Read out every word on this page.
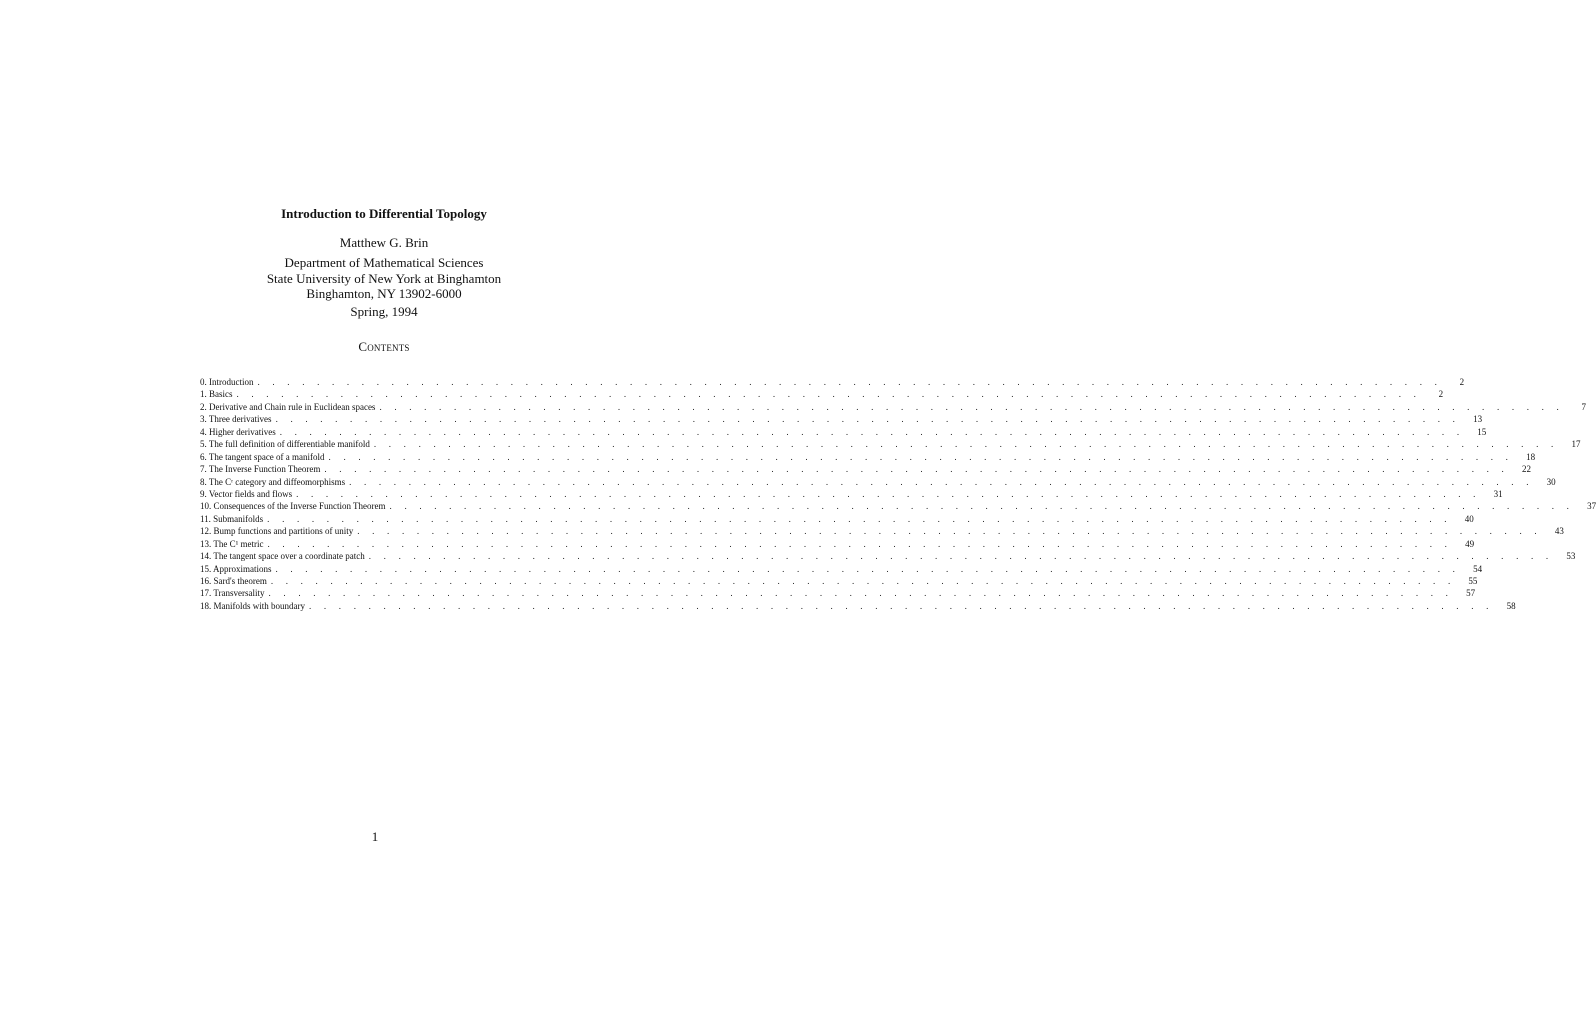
Introduction to Differential Topology
Matthew G. Brin
Department of Mathematical Sciences
State University of New York at Binghamton
Binghamton, NY 13902-6000
Spring, 1994
Contents
0. Introduction . . . . . . . . . . . . . . . . . . . . . . . . . . . . . . . . . . . . . . . . . . . . . . . . . . . . . . . . . . . . . . . . . . . . . . . . . . . . . . . .	2
1. Basics . . . . . . . . . . . . . . . . . . . . . . . . . . . . . . . . . . . . . . . . . . . . . . . . . . . . . . . . . . . . . . . . . . . . . . . . . . . . . . . .	2
2. Derivative and Chain rule in Euclidean spaces . . . . . . . . . . . . . . . . . . . . . . . . . . . . . . . . . . . . . . . . . . . . . . . . . . . . . . . . . . . . . . . . . . . . . . . . . . . . . . . .	7
3. Three derivatives . . . . . . . . . . . . . . . . . . . . . . . . . . . . . . . . . . . . . . . . . . . . . . . . . . . . . . . . . . . . . . . . . . . . . . . . . . . . . . . .	13
4. Higher derivatives . . . . . . . . . . . . . . . . . . . . . . . . . . . . . . . . . . . . . . . . . . . . . . . . . . . . . . . . . . . . . . . . . . . . . . . . . . . . . . . .	15
5. The full definition of differentiable manifold . . . . . . . . . . . . . . . . . . . . . . . . . . . . . . . . . . . . . . . . . . . . . . . . . . . . . . . . . . . . . . . . . . . . . . . . . . . . . . . .	17
6. The tangent space of a manifold . . . . . . . . . . . . . . . . . . . . . . . . . . . . . . . . . . . . . . . . . . . . . . . . . . . . . . . . . . . . . . . . . . . . . . . . . . . . . . . .	18
7. The Inverse Function Theorem . . . . . . . . . . . . . . . . . . . . . . . . . . . . . . . . . . . . . . . . . . . . . . . . . . . . . . . . . . . . . . . . . . . . . . . . . . . . . . . .	22
8. The Cʳ category and diffeomorphisms . . . . . . . . . . . . . . . . . . . . . . . . . . . . . . . . . . . . . . . . . . . . . . . . . . . . . . . . . . . . . . . . . . . . . . . . . . . . . . . .	30
9. Vector fields and flows . . . . . . . . . . . . . . . . . . . . . . . . . . . . . . . . . . . . . . . . . . . . . . . . . . . . . . . . . . . . . . . . . . . . . . . . . . . . . . . .	31
10. Consequences of the Inverse Function Theorem . . . . . . . . . . . . . . . . . . . . . . . . . . . . . . . . . . . . . . . . . . . . . . . . . . . . . . . . . . . . . . . . . . . . . . . . . . . . . . . .	37
11. Submanifolds . . . . . . . . . . . . . . . . . . . . . . . . . . . . . . . . . . . . . . . . . . . . . . . . . . . . . . . . . . . . . . . . . . . . . . . . . . . . . . . .	40
12. Bump functions and partitions of unity . . . . . . . . . . . . . . . . . . . . . . . . . . . . . . . . . . . . . . . . . . . . . . . . . . . . . . . . . . . . . . . . . . . . . . . . . . . . . . . .	43
13. The C¹ metric . . . . . . . . . . . . . . . . . . . . . . . . . . . . . . . . . . . . . . . . . . . . . . . . . . . . . . . . . . . . . . . . . . . . . . . . . . . . . . . .	49
14. The tangent space over a coordinate patch . . . . . . . . . . . . . . . . . . . . . . . . . . . . . . . . . . . . . . . . . . . . . . . . . . . . . . . . . . . . . . . . . . . . . . . . . . . . . . . .	53
15. Approximations . . . . . . . . . . . . . . . . . . . . . . . . . . . . . . . . . . . . . . . . . . . . . . . . . . . . . . . . . . . . . . . . . . . . . . . . . . . . . . . .	54
16. Sard's theorem . . . . . . . . . . . . . . . . . . . . . . . . . . . . . . . . . . . . . . . . . . . . . . . . . . . . . . . . . . . . . . . . . . . . . . . . . . . . . . . .	55
17. Transversality . . . . . . . . . . . . . . . . . . . . . . . . . . . . . . . . . . . . . . . . . . . . . . . . . . . . . . . . . . . . . . . . . . . . . . . . . . . . . . . .	57
18. Manifolds with boundary . . . . . . . . . . . . . . . . . . . . . . . . . . . . . . . . . . . . . . . . . . . . . . . . . . . . . . . . . . . . . . . . . . . . . . . . . . . . . . . .	58
1
